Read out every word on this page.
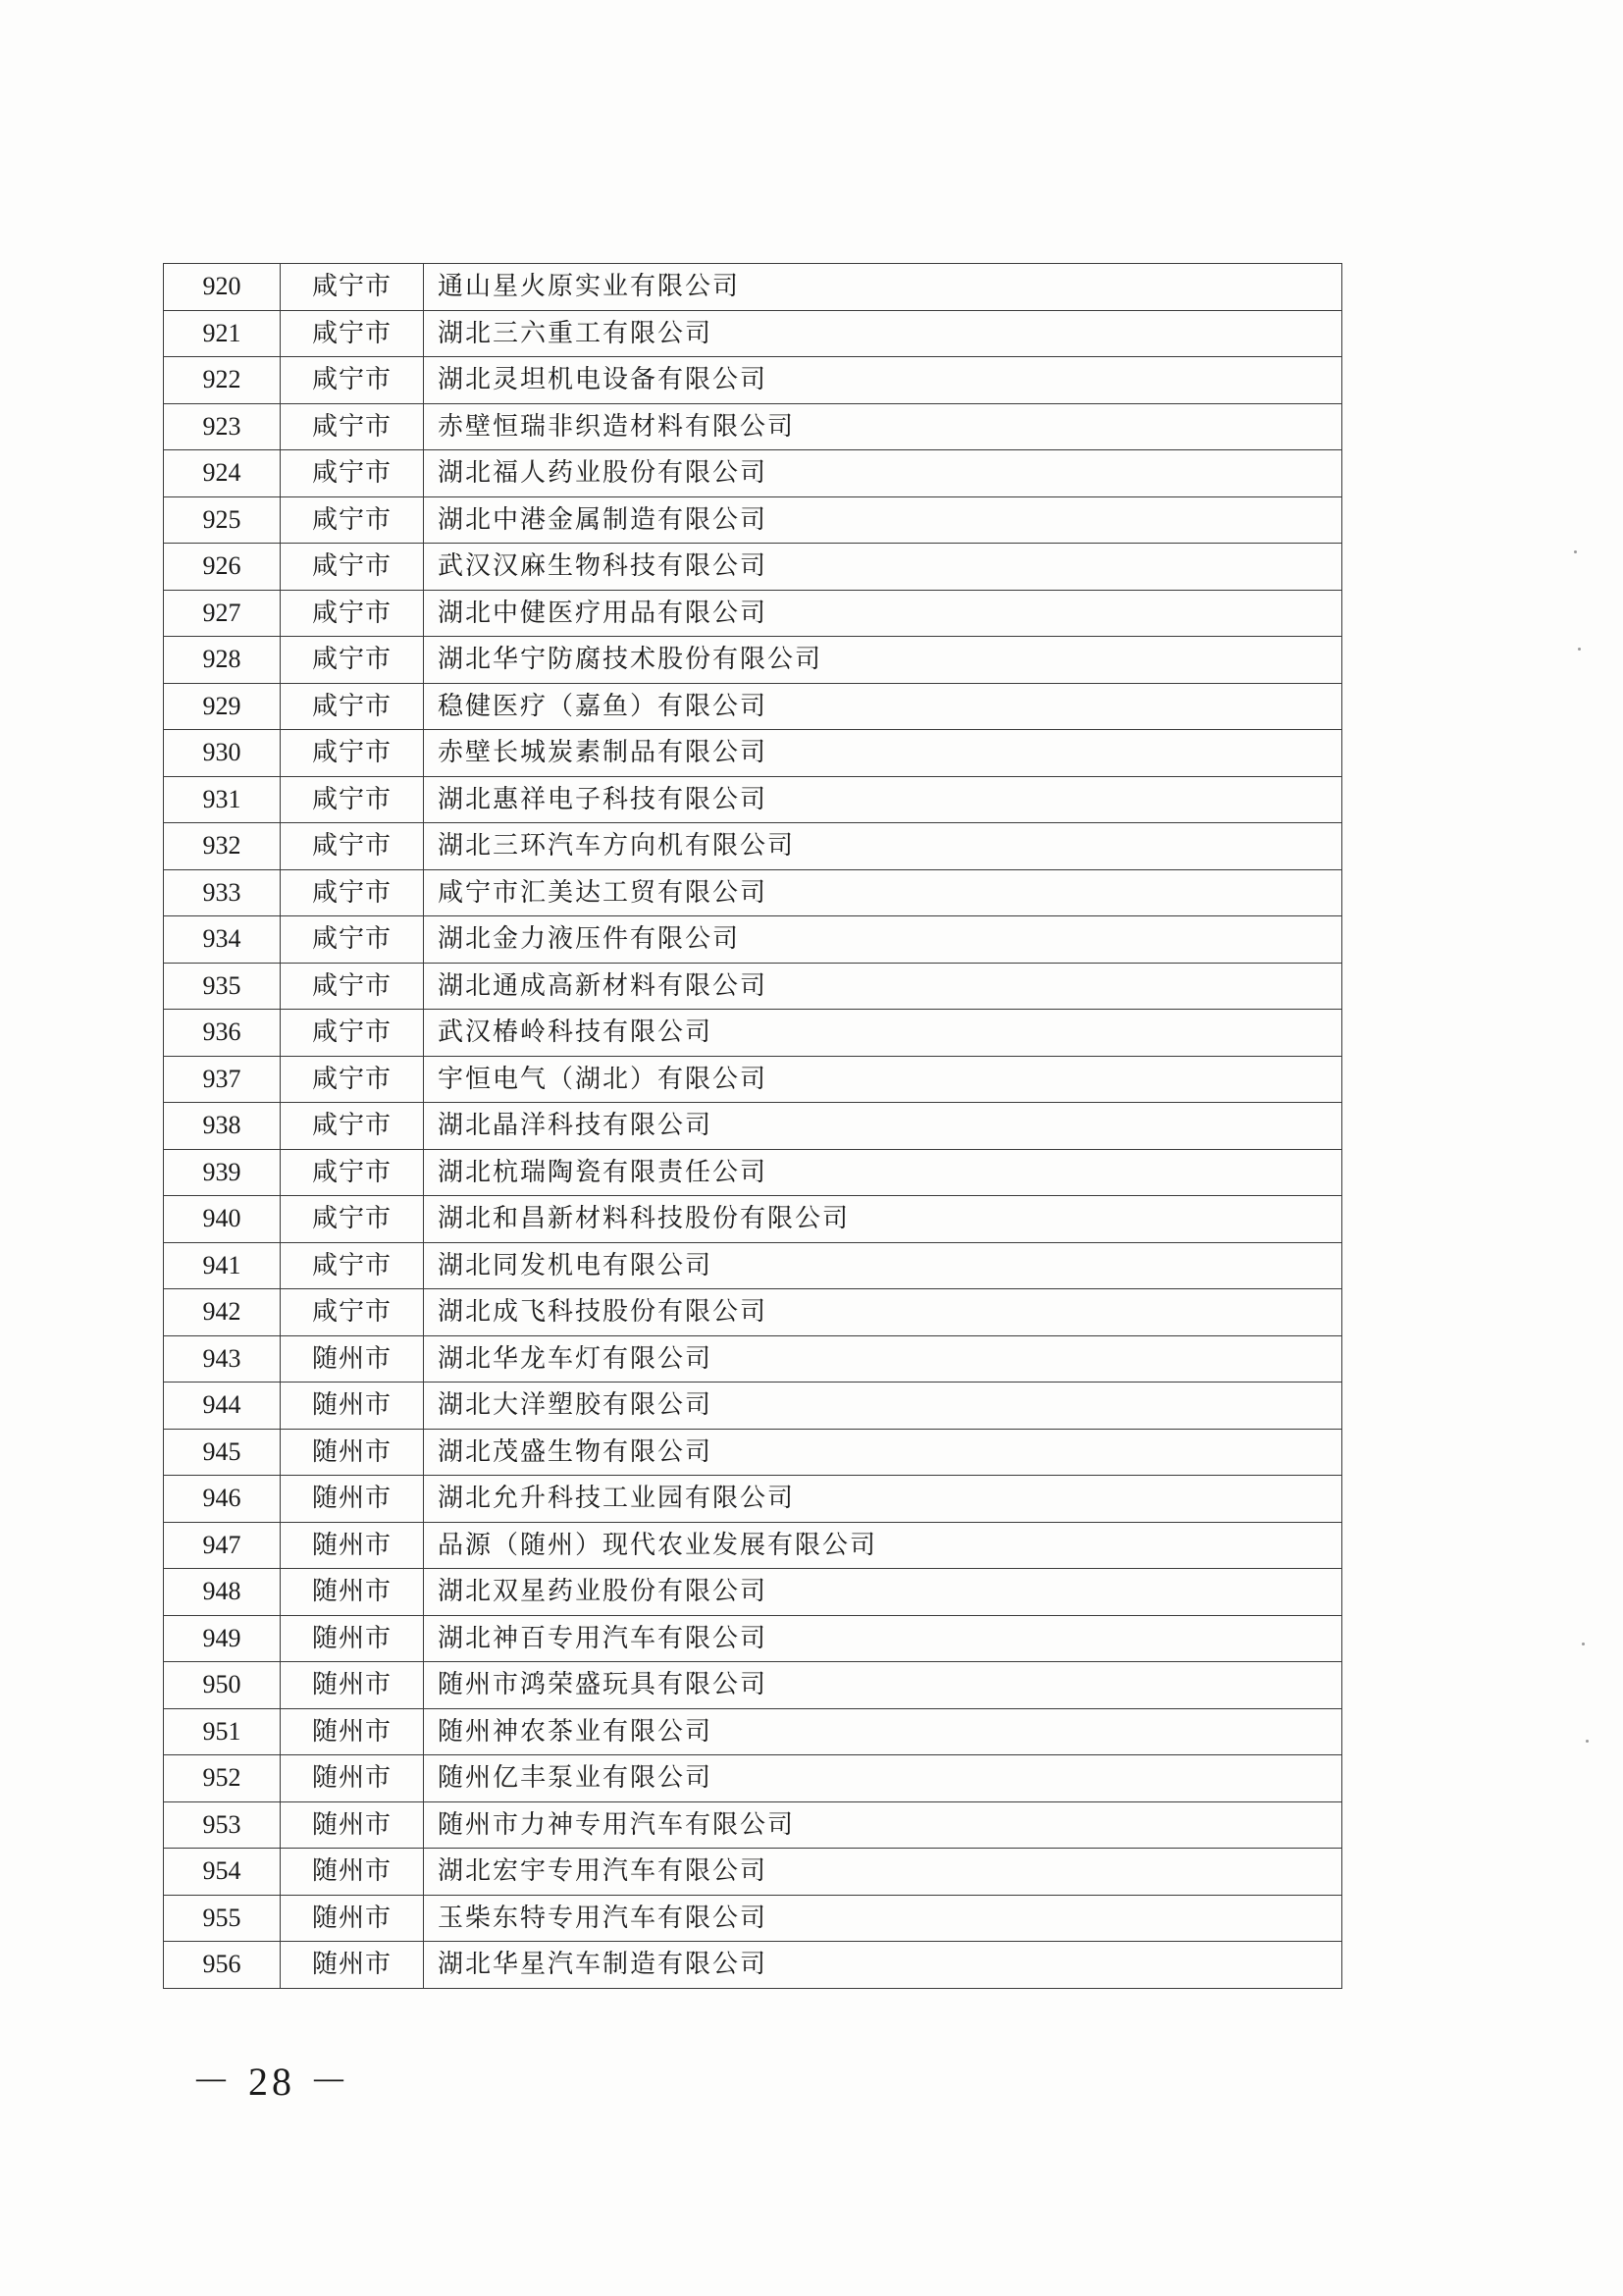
920	咸宁市	通山星火原实业有限公司
921	咸宁市	湖北三六重工有限公司
922	咸宁市	湖北灵坦机电设备有限公司
923	咸宁市	赤壁恒瑞非织造材料有限公司
924	咸宁市	湖北福人药业股份有限公司
925	咸宁市	湖北中港金属制造有限公司
926	咸宁市	武汉汉麻生物科技有限公司
927	咸宁市	湖北中健医疗用品有限公司
928	咸宁市	湖北华宁防腐技术股份有限公司
929	咸宁市	稳健医疗（嘉鱼）有限公司
930	咸宁市	赤壁长城炭素制品有限公司
931	咸宁市	湖北惠祥电子科技有限公司
932	咸宁市	湖北三环汽车方向机有限公司
933	咸宁市	咸宁市汇美达工贸有限公司
934	咸宁市	湖北金力液压件有限公司
935	咸宁市	湖北通成高新材料有限公司
936	咸宁市	武汉椿岭科技有限公司
937	咸宁市	宇恒电气（湖北）有限公司
938	咸宁市	湖北晶洋科技有限公司
939	咸宁市	湖北杭瑞陶瓷有限责任公司
940	咸宁市	湖北和昌新材料科技股份有限公司
941	咸宁市	湖北同发机电有限公司
942	咸宁市	湖北成飞科技股份有限公司
943	随州市	湖北华龙车灯有限公司
944	随州市	湖北大洋塑胶有限公司
945	随州市	湖北茂盛生物有限公司
946	随州市	湖北允升科技工业园有限公司
947	随州市	品源（随州）现代农业发展有限公司
948	随州市	湖北双星药业股份有限公司
949	随州市	湖北神百专用汽车有限公司
950	随州市	随州市鸿荣盛玩具有限公司
951	随州市	随州神农茶业有限公司
952	随州市	随州亿丰泵业有限公司
953	随州市	随州市力神专用汽车有限公司
954	随州市	湖北宏宇专用汽车有限公司
955	随州市	玉柴东特专用汽车有限公司
956	随州市	湖北华星汽车制造有限公司
－ 28 －
